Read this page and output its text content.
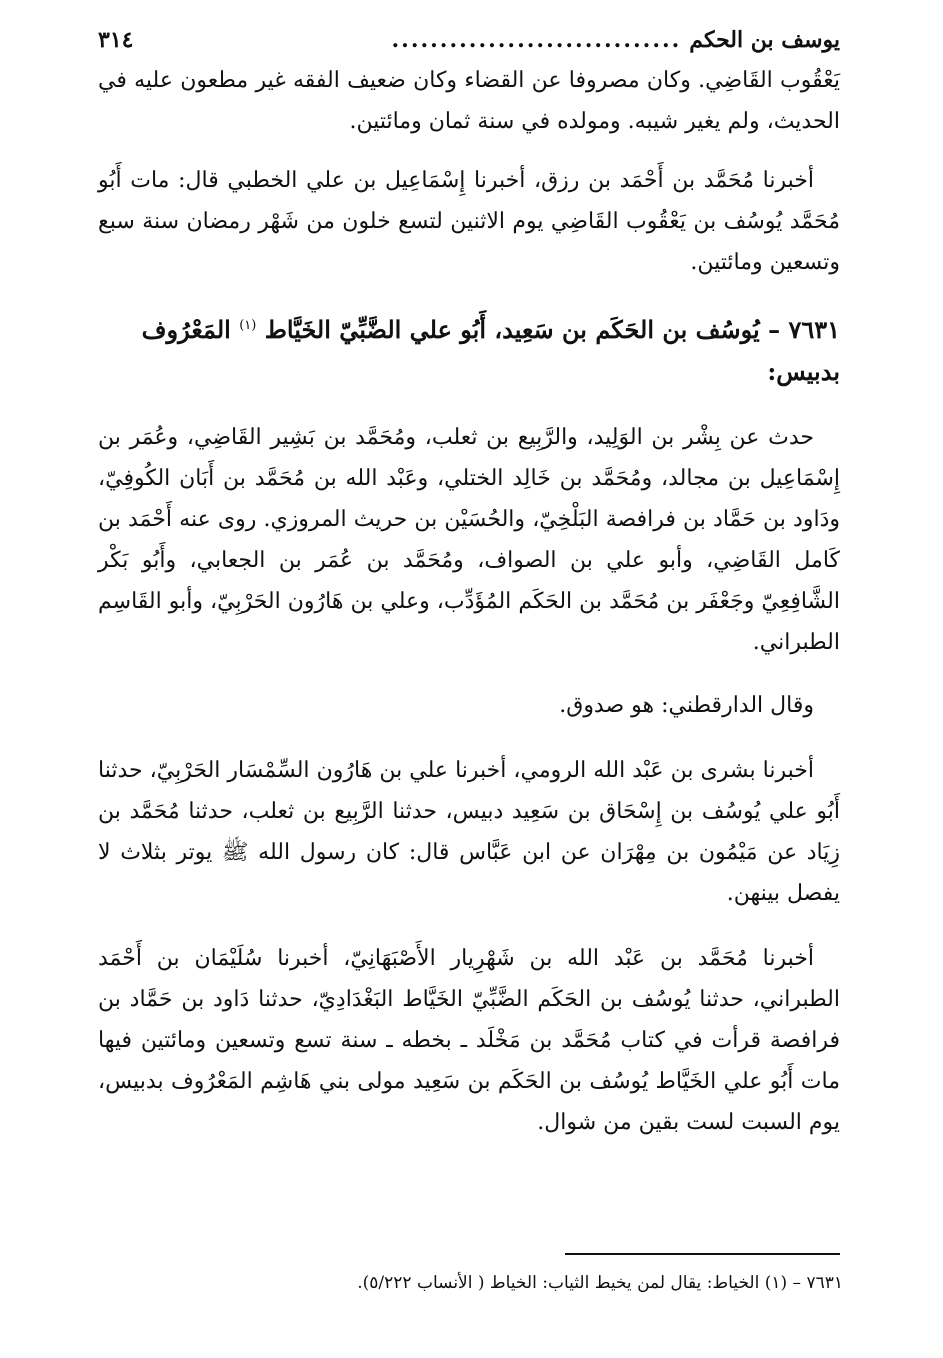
يوسف بن الحكم
..............................
٣١٤

يَعْقُوب القَاضِي. وكان مصروفا عن القضاء وكان ضعيف الفقه غير مطعون عليه في الحديث، ولم يغير شيبه. ومولده في سنة ثمان ومائتين.

أخبرنا مُحَمَّد بن أَحْمَد بن رزق، أخبرنا إِسْمَاعِيل بن علي الخطبي قال: مات أَبُو مُحَمَّد يُوسُف بن يَعْقُوب القَاضِي يوم الاثنين لتسع خلون من شَهْر رمضان سنة سبع وتسعين ومائتين.

٧٦٣١ – يُوسُف بن الحَكَم بن سَعِيد، أَبُو علي الضَّبِّيّ الخَيَّاط $^{(١)}$ المَعْرُوف بدبيس:

حدث عن بِشْر بن الوَلِيد، والرَّبِيع بن ثعلب، ومُحَمَّد بن بَشِير القَاضِي، وعُمَر بن إِسْمَاعِيل بن مجالد، ومُحَمَّد بن خَالِد الختلي، وعَبْد الله بن مُحَمَّد بن أَبَان الكُوفِيّ، ودَاود بن حَمَّاد بن فرافصة البَلْخِيّ، والحُسَيْن بن حريث المروزي. روى عنه أَحْمَد بن كَامل القَاضِي، وأبو علي بن الصواف، ومُحَمَّد بن عُمَر بن الجعابي، وأَبُو بَكْر الشَّافِعِيّ وجَعْفَر بن مُحَمَّد بن الحَكَم المُؤَدِّب، وعلي بن هَارُون الحَرْبِيّ، وأبو القَاسِم الطبراني.

وقال الدارقطني: هو صدوق.

أخبرنا بشرى بن عَبْد الله الرومي، أخبرنا علي بن هَارُون السِّمْسَار الحَرْبِيّ، حدثنا أَبُو علي يُوسُف بن إِسْحَاق بن سَعِيد دبيس، حدثنا الرَّبِيع بن ثعلب، حدثنا مُحَمَّد بن زِيَاد عن مَيْمُون بن مِهْرَان عن ابن عَبَّاس قال: كان رسول الله ﷺ يوتر بثلاث لا يفصل بينهن.

أخبرنا مُحَمَّد بن عَبْد الله بن شَهْرِيار الأَصْبَهَانِيّ، أخبرنا سُلَيْمَان بن أَحْمَد الطبراني، حدثنا يُوسُف بن الحَكَم الضَّبِّيّ الخَيَّاط البَغْدَادِيّ، حدثنا دَاود بن حَمَّاد بن فرافصة قرأت في كتاب مُحَمَّد بن مَخْلَد ـ بخطه ـ سنة تسع وتسعين ومائتين فيها مات أَبُو علي الخَيَّاط يُوسُف بن الحَكَم بن سَعِيد مولى بني هَاشِم المَعْرُوف بدبيس، يوم السبت لست بقين من شوال.

٧٦٣١ – (١) الخياط: يقال لمن يخيط الثياب: الخياط ( الأنساب ٥/٢٢٢).
